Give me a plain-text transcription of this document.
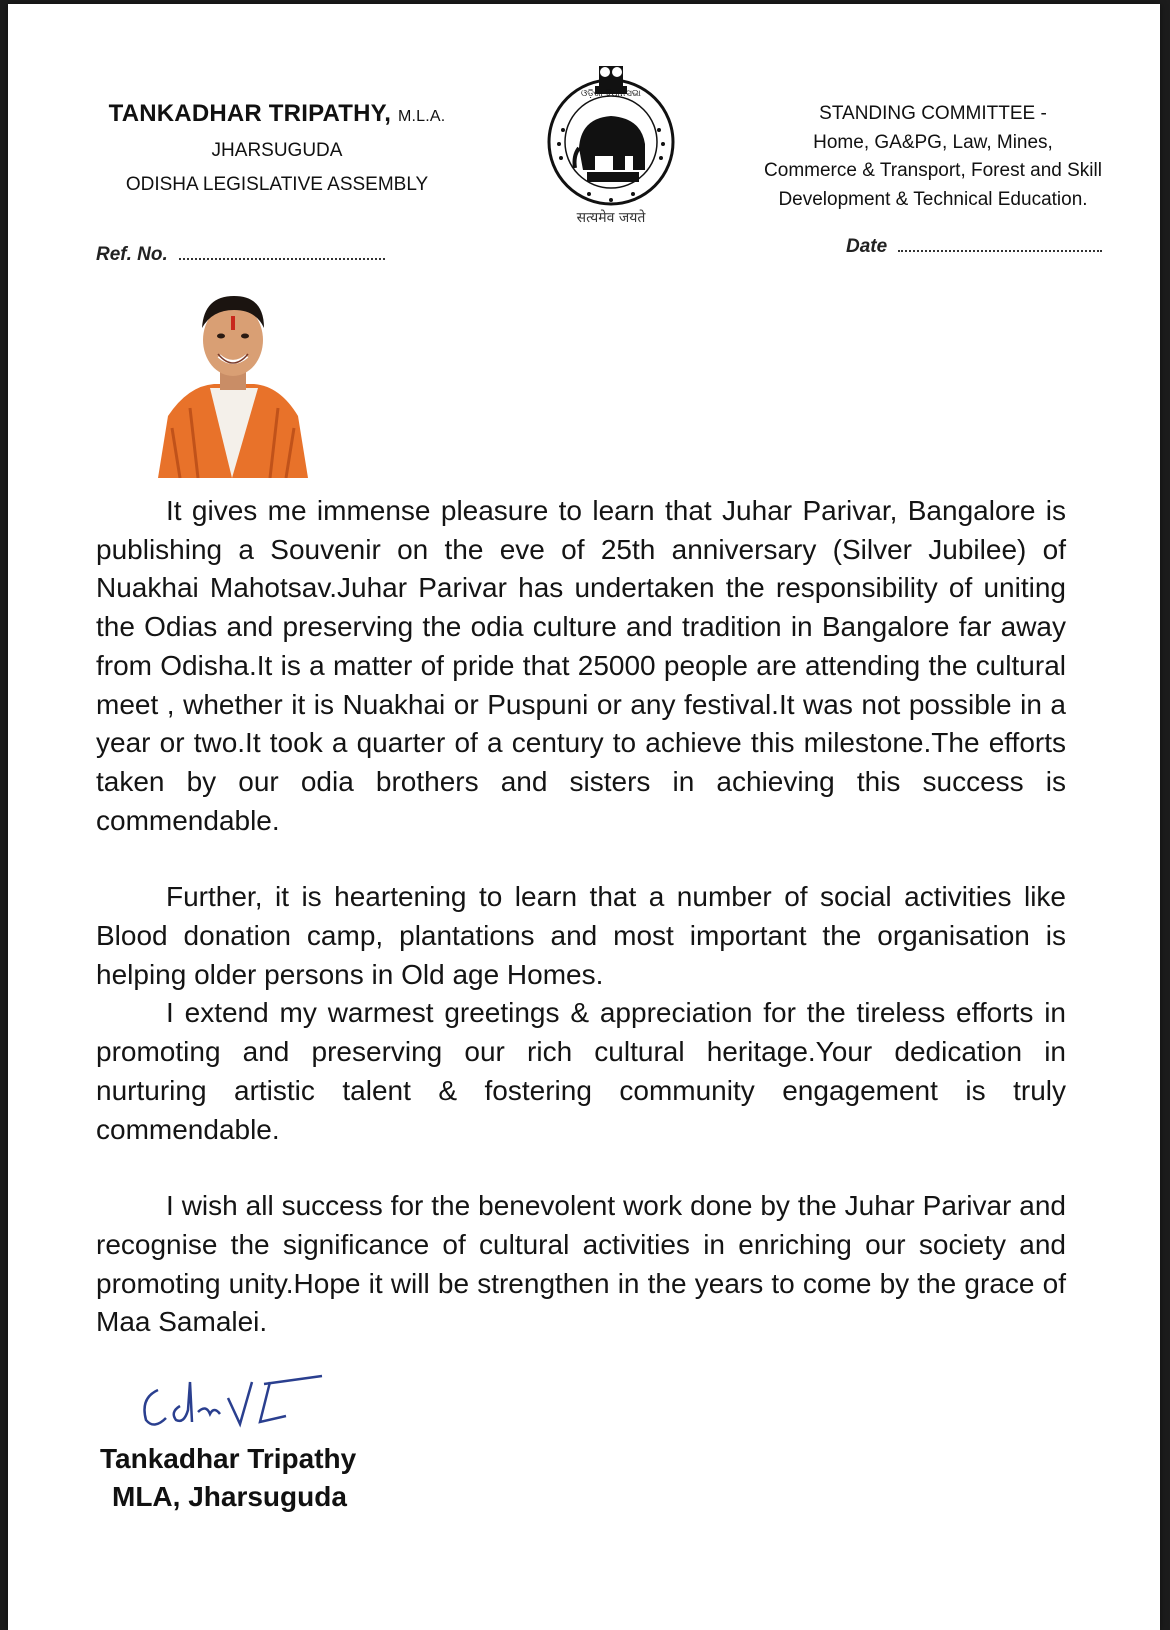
TANKADHAR TRIPATHY, M.L.A.
JHARSUGUDA
ODISHA LEGISLATIVE ASSEMBLY
ଓଡ଼ିଶା ବିଧାନସଭା
सत्यमेव जयते
STANDING COMMITTEE -
Home, GA&PG, Law, Mines,
Commerce & Transport, Forest and Skill
Development & Technical Education.
Ref. No.	Date

It gives me immense pleasure to learn that Juhar Parivar, Bangalore is publishing a Souvenir on the eve of 25th anniversary (Silver Jubilee) of Nuakhai Mahotsav.Juhar Parivar has undertaken the responsibility of uniting the Odias and preserving the odia culture and tradition in Bangalore far away from Odisha.It is a matter of pride that 25000 people are attending the cultural meet , whether it is Nuakhai or Puspuni or any festival.It was not possible in a year or two.It took a quarter of a century to achieve this milestone.The efforts taken by our odia brothers and sisters in achieving this success is commendable.

Further, it is heartening to learn that a number of social activities like Blood donation camp, plantations and most important the organisation is helping older persons in Old age Homes.

I extend my warmest greetings & appreciation for the tireless efforts in promoting and preserving our rich cultural heritage.Your dedication in nurturing artistic talent & fostering community engagement is truly commendable.

I wish all success for the benevolent work done by the Juhar Parivar and recognise the significance of cultural activities in enriching our society and promoting unity.Hope it will be strengthen in the years to come by the grace of Maa Samalei.

Tankadhar Tripathy
MLA, Jharsuguda
